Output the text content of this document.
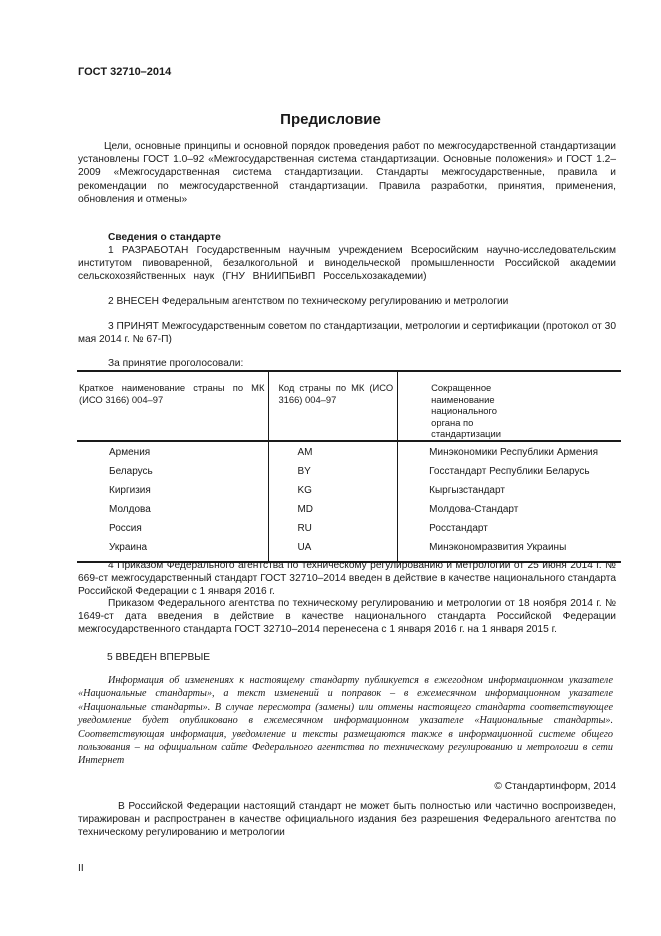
ГОСТ 32710–2014
Предисловие
Цели, основные принципы и основной порядок проведения работ по межгосударственной стандартизации установлены ГОСТ 1.0–92 «Межгосударственная система стандартизации. Основные положения» и ГОСТ 1.2–2009 «Межгосударственная система стандартизации. Стандарты межгосударственные, правила и рекомендации по межгосударственной стандартизации. Правила разработки, принятия, применения, обновления и отмены»
Сведения о стандарте
1 РАЗРАБОТАН Государственным научным учреждением Всеросийским научно-исследовательским институтом пивоваренной, безалкогольной и винодельческой промышленности Российской академии сельскохозяйственных наук (ГНУ ВНИИПБиВП Россельхозакадемии)
2 ВНЕСЕН Федеральным агентством по техническому регулированию и метрологии
3 ПРИНЯТ Межгосударственным советом по стандартизации, метрологии и сертификации (протокол от 30 мая 2014 г. № 67-П)
За принятие проголосовали:
Краткое наименование страны по МК (ИСО 3166) 004–97	Код страны по МК (ИСО 3166) 004–97	Сокращенное наименование национального органа по стандартизации

Армения	AM	Минэкономики Республики Армения
Беларусь	BY	Госстандарт Республики Беларусь
Киргизия	KG	Кыргызстандарт
Молдова	MD	Молдова-Стандарт
Россия	RU	Росстандарт
Украина	UA	Минэкономразвития Украины
4 Приказом Федерального агентства по техническому регулированию и метрологии от 25 июня 2014 г. № 669-ст межгосударственный стандарт ГОСТ 32710–2014 введен в действие в качестве национального стандарта Российской Федерации с 1 января 2016 г.
Приказом Федерального агентства по техническому регулированию и метрологии от 18 ноября 2014 г. № 1649-ст дата введения в действие в качестве национального стандарта Российской Федерации межгосударственного стандарта ГОСТ 32710–2014 перенесена с 1 января 2016 г. на 1 января 2015 г.
5 ВВЕДЕН ВПЕРВЫЕ
Информация об изменениях к настоящему стандарту публикуется в ежегодном информационном указателе «Национальные стандарты», а текст изменений и поправок – в ежемесячном информационном указателе «Национальные стандарты». В случае пересмотра (замены) или отмены настоящего стандарта соответствующее уведомление будет опубликовано в ежемесячном информационном указателе «Национальные стандарты». Соответствующая информация, уведомление и тексты размещаются также в информационной системе общего пользования – на официальном сайте Федерального агентства по техническому регулированию и метрологии в сети Интернет
© Стандартинформ, 2014
В Российской Федерации настоящий стандарт не может быть полностью или частично воспроизведен, тиражирован и распространен в качестве официального издания без разрешения Федерального агентства по техническому регулированию и метрологии
II
